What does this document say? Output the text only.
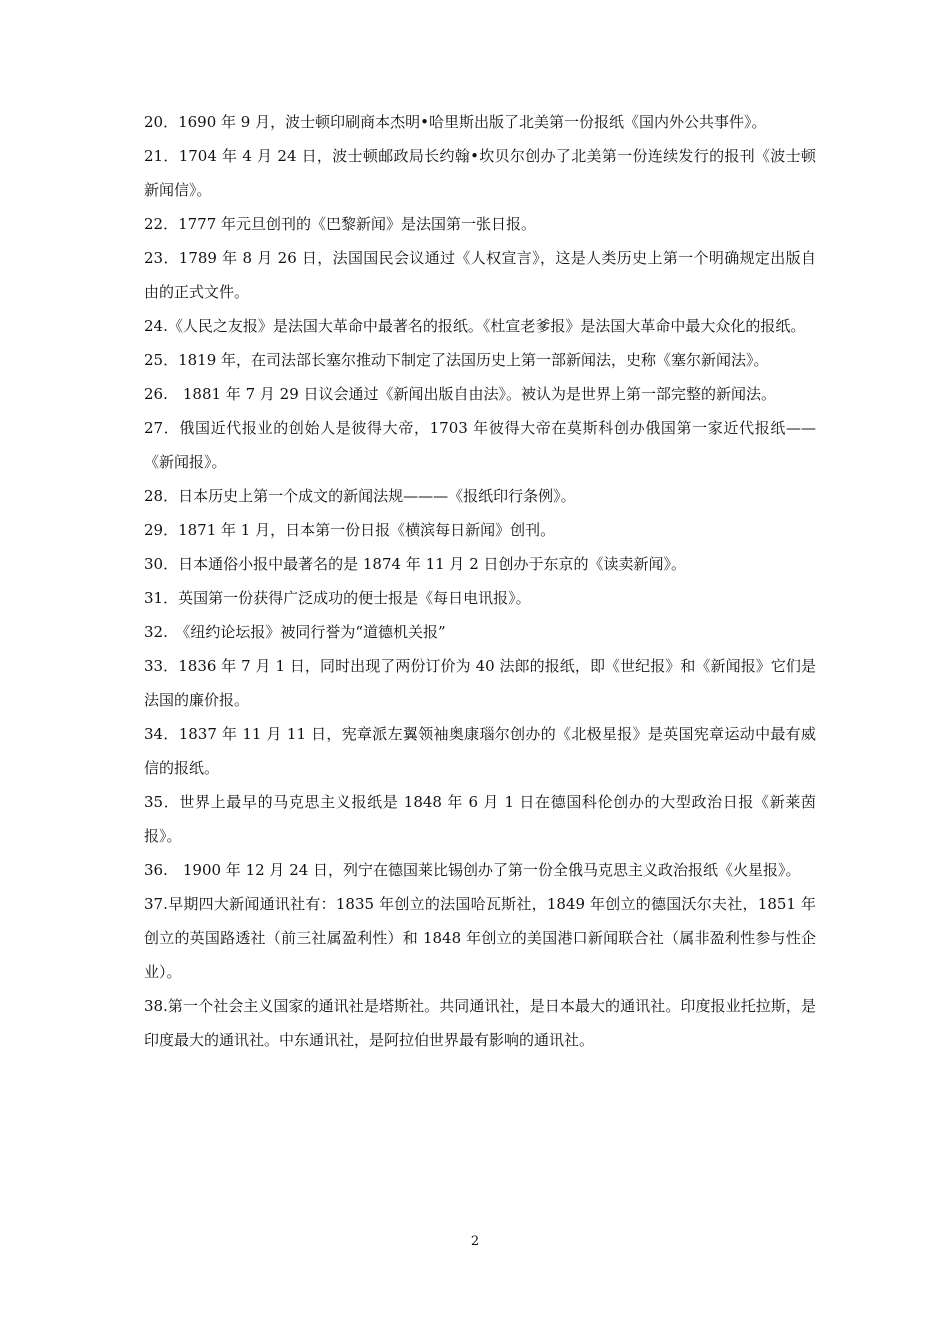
20．1690 年 9 月，波士顿印刷商本杰明•哈里斯出版了北美第一份报纸《国内外公共事件》。

21．1704 年 4 月 24 日，波士顿邮政局长约翰•坎贝尔创办了北美第一份连续发行的报刊《波士顿新闻信》。

22．1777 年元旦创刊的《巴黎新闻》是法国第一张日报。

23．1789 年 8 月 26 日，法国国民会议通过《人权宣言》，这是人类历史上第一个明确规定出版自由的正式文件。

24.《人民之友报》是法国大革命中最著名的报纸。《杜宣老爹报》是法国大革命中最大众化的报纸。

25．1819 年，在司法部长塞尔推动下制定了法国历史上第一部新闻法，史称《塞尔新闻法》。

26.　1881 年 7 月 29 日议会通过《新闻出版自由法》。被认为是世界上第一部完整的新闻法。

27．俄国近代报业的创始人是彼得大帝，1703 年彼得大帝在莫斯科创办俄国第一家近代报纸——《新闻报》。

28．日本历史上第一个成文的新闻法规———《报纸印行条例》。

29．1871 年 1 月，日本第一份日报《横滨每日新闻》创刊。

30．日本通俗小报中最著名的是 1874 年 11 月 2 日创办于东京的《读卖新闻》。

31．英国第一份获得广泛成功的便士报是《每日电讯报》。

32.　《纽约论坛报》被同行誉为“道德机关报”

33．1836 年 7 月 1 日，同时出现了两份订价为 40 法郎的报纸，即《世纪报》和《新闻报》它们是法国的廉价报。

34．1837 年 11 月 11 日，宪章派左翼领袖奥康瑙尔创办的《北极星报》是英国宪章运动中最有威信的报纸。

35．世界上最早的马克思主义报纸是 1848 年 6 月 1 日在德国科伦创办的大型政治日报《新莱茵报》。

36.　1900 年 12 月 24 日，列宁在德国莱比锡创办了第一份全俄马克思主义政治报纸《火星报》。

37.早期四大新闻通讯社有：1835 年创立的法国哈瓦斯社，1849 年创立的德国沃尔夫社，1851 年创立的英国路透社（前三社属盈利性）和 1848 年创立的美国港口新闻联合社（属非盈利性参与性企业）。

38.第一个社会主义国家的通讯社是塔斯社。共同通讯社，是日本最大的通讯社。印度报业托拉斯，是印度最大的通讯社。中东通讯社，是阿拉伯世界最有影响的通讯社。

2
